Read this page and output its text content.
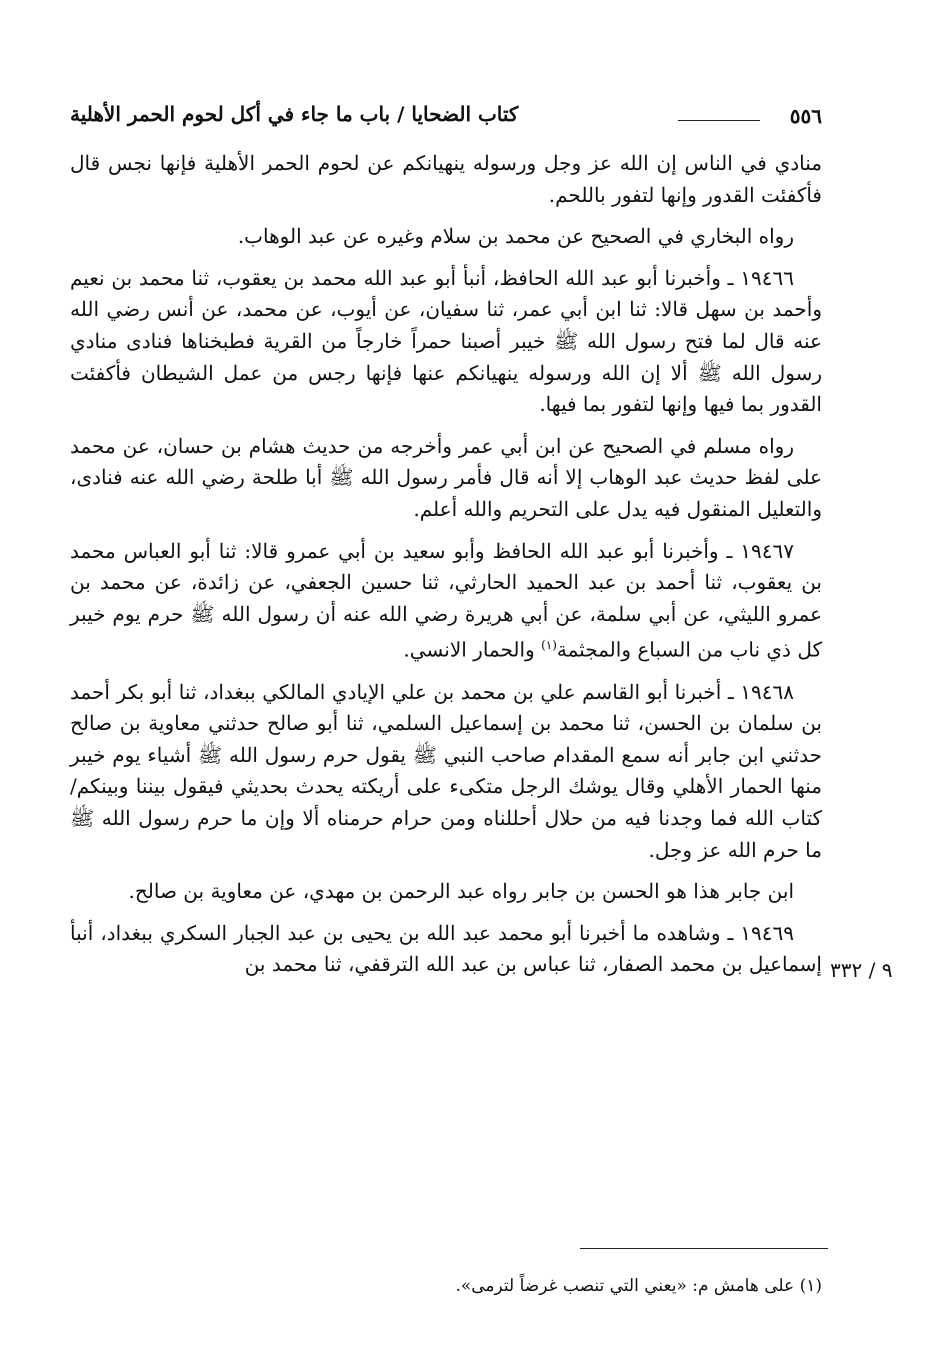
٥٥٦
كتاب الضحايا / باب ما جاء في أكل لحوم الحمر الأهلية

منادي في الناس إن الله عز وجل ورسوله ينهيانكم عن لحوم الحمر الأهلية فإنها نجس قال فأكفئت القدور وإنها لتفور باللحم.

رواه البخاري في الصحيح عن محمد بن سلام وغيره عن عبد الوهاب.

١٩٤٦٦ ـ وأخبرنا أبو عبد الله الحافظ، أنبأ أبو عبد الله محمد بن يعقوب، ثنا محمد بن نعيم وأحمد بن سهل قالا: ثنا ابن أبي عمر، ثنا سفيان، عن أيوب، عن محمد، عن أنس رضي الله عنه قال لما فتح رسول الله ﷺ خيبر أصبنا حمراً خارجاً من القرية فطبخناها فنادى منادي رسول الله ﷺ ألا إن الله ورسوله ينهيانكم عنها فإنها رجس من عمل الشيطان فأكفئت القدور بما فيها وإنها لتفور بما فيها.

رواه مسلم في الصحيح عن ابن أبي عمر وأخرجه من حديث هشام بن حسان، عن محمد على لفظ حديث عبد الوهاب إلا أنه قال فأمر رسول الله ﷺ أبا طلحة رضي الله عنه فنادى، والتعليل المنقول فيه يدل على التحريم والله أعلم.

١٩٤٦٧ ـ وأخبرنا أبو عبد الله الحافظ وأبو سعيد بن أبي عمرو قالا: ثنا أبو العباس محمد بن يعقوب، ثنا أحمد بن عبد الحميد الحارثي، ثنا حسين الجعفي، عن زائدة، عن محمد بن عمرو الليثي، عن أبي سلمة، عن أبي هريرة رضي الله عنه أن رسول الله ﷺ حرم يوم خيبر كل ذي ناب من السباع والمجثمة$^{(١)}$ والحمار الانسي.

١٩٤٦٨ ـ أخبرنا أبو القاسم علي بن محمد بن علي الإيادي المالكي ببغداد، ثنا أبو بكر أحمد بن سلمان بن الحسن، ثنا محمد بن إسماعيل السلمي، ثنا أبو صالح حدثني معاوية بن صالح حدثني ابن جابر أنه سمع المقدام صاحب النبي ﷺ يقول حرم رسول الله ﷺ أشياء يوم خيبر منها الحمار الأهلي وقال يوشك الرجل متكىء على أريكته يحدث بحديثي فيقول بيننا وبينكم/ كتاب الله فما وجدنا فيه من حلال أحللناه ومن حرام حرمناه ألا وإن ما حرم رسول الله ﷺ ما حرم الله عز وجل.

ابن جابر هذا هو الحسن بن جابر رواه عبد الرحمن بن مهدي، عن معاوية بن صالح.

١٩٤٦٩ ـ وشاهده ما أخبرنا أبو محمد عبد الله بن يحيى بن عبد الجبار السكري ببغداد، أنبأ إسماعيل بن محمد الصفار، ثنا عباس بن عبد الله الترقفي، ثنا محمد بن ٩ / ٣٣٢
(١) على هامش م: «يعني التي تنصب غرضاً لترمى».
